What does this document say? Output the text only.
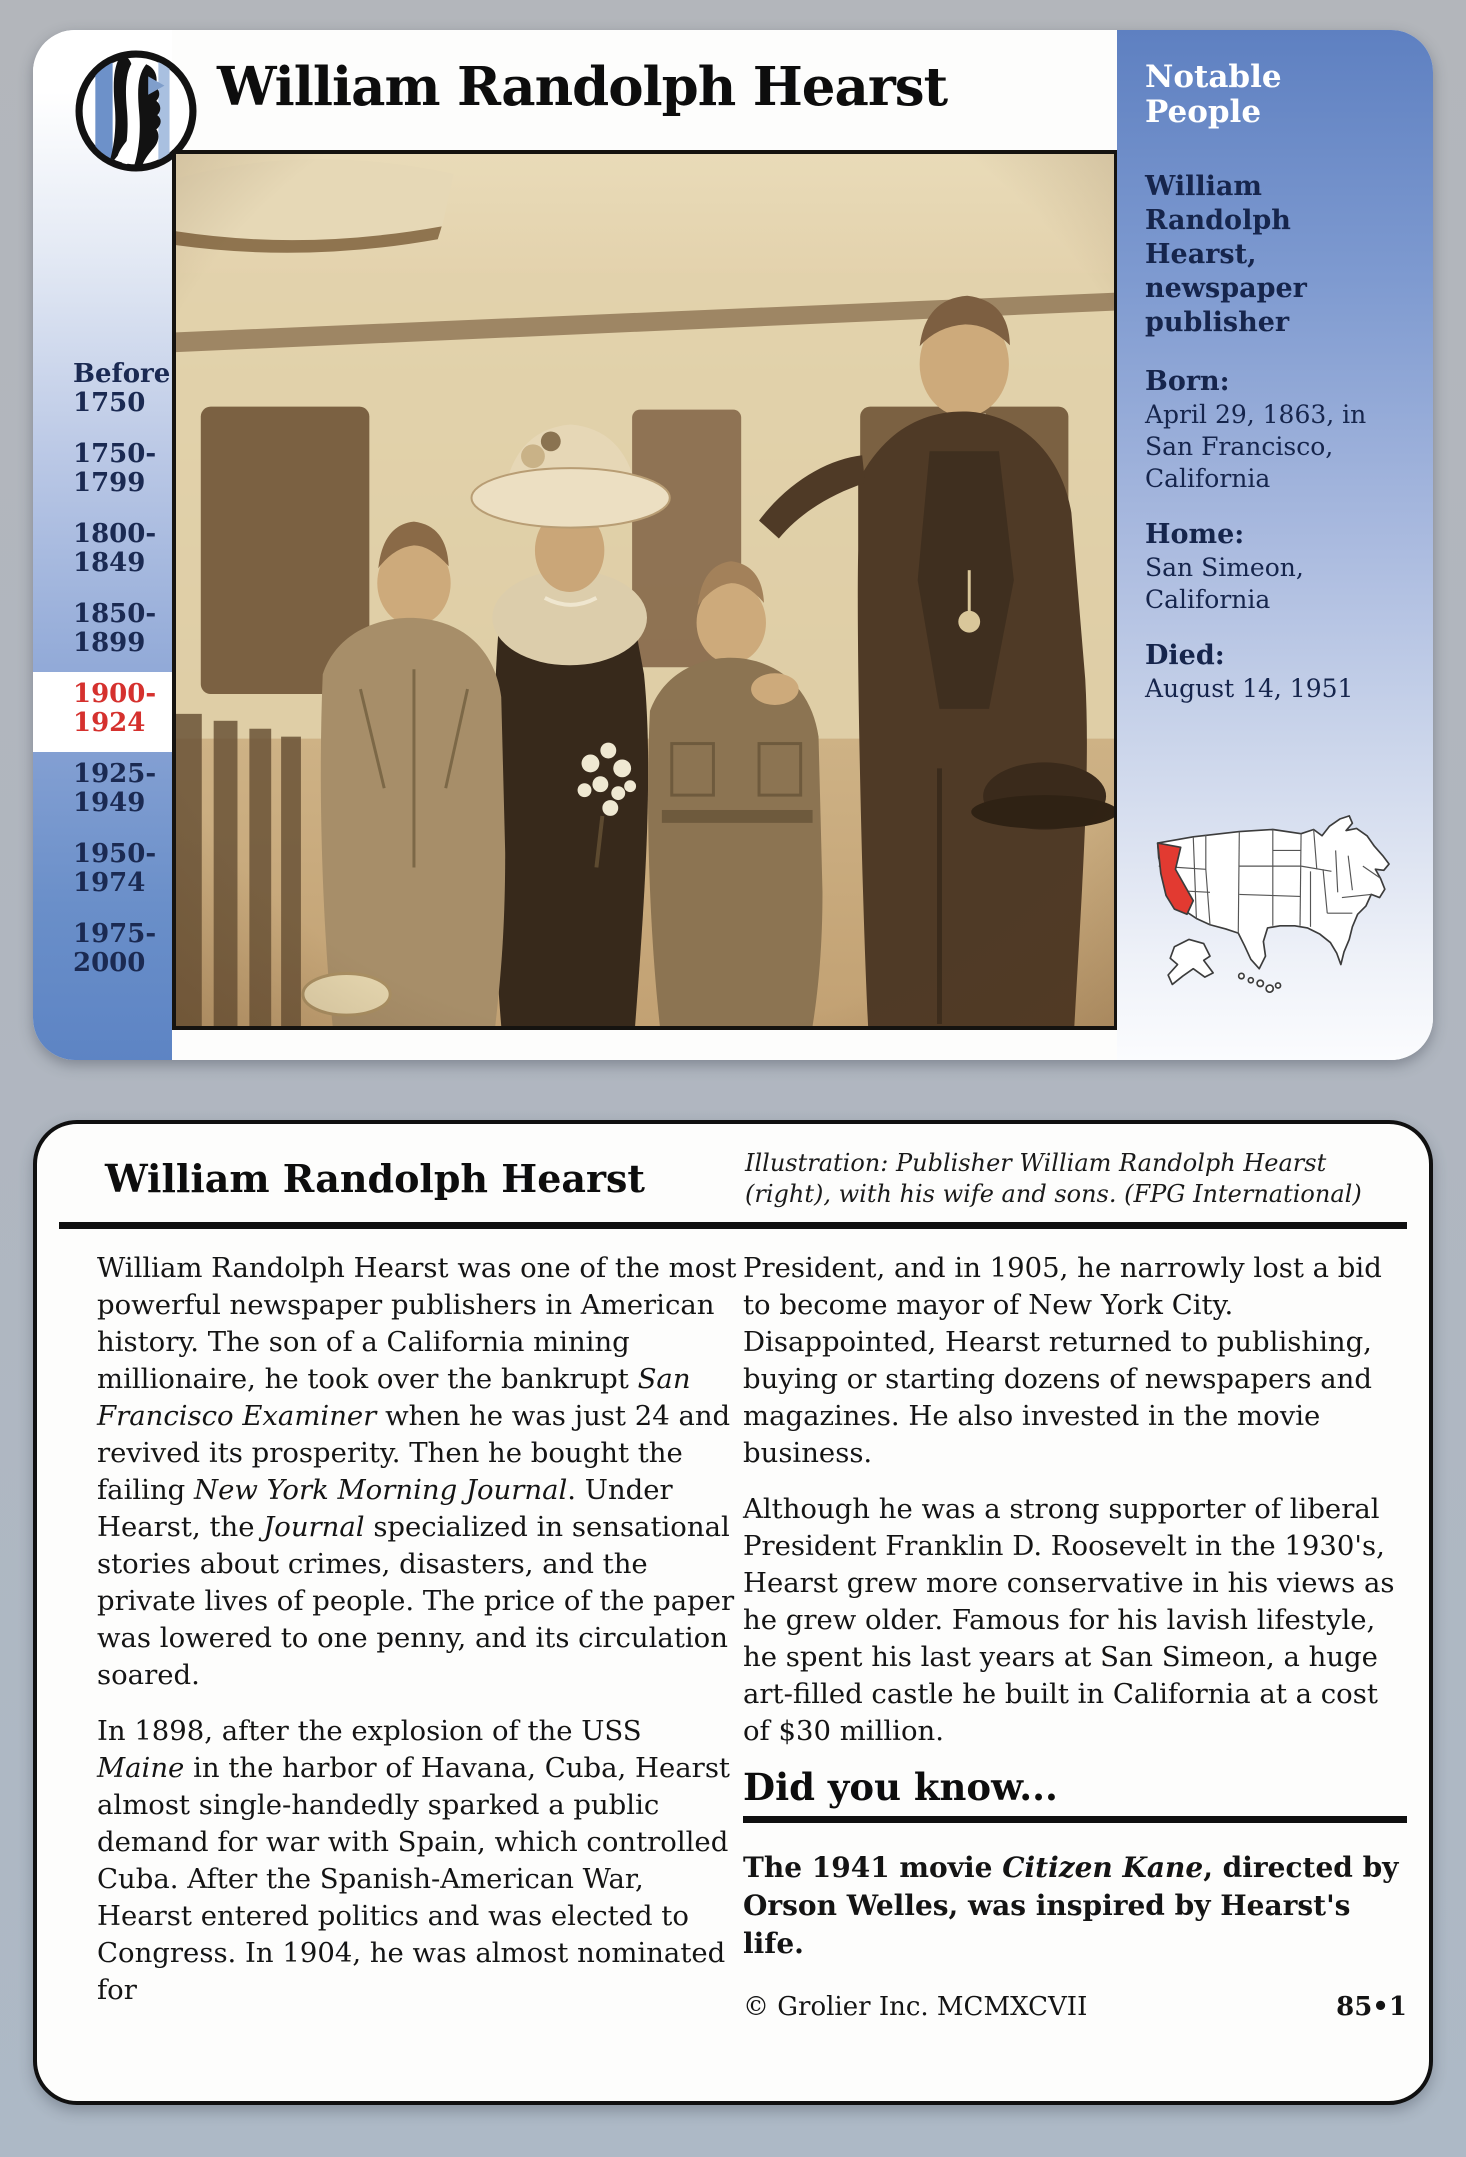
Before
1750
1750-
1799
1800-
1849
1850-
1899
1900-
1924
1925-
1949
1950-
1974
1975-
2000
William Randolph Hearst	Notable People

William Randolph Hearst, newspaper publisher

Born:
April 29, 1863, in San Francisco, California
Home:
San Simeon, California
Died:
August 14, 1951
William Randolph Hearst	Illustration: Publisher William Randolph Hearst (right), with his wife and sons. (FPG International)

William Randolph Hearst was one of the most powerful newspaper publishers in American history. The son of a California mining millionaire, he took over the bankrupt San Francisco Examiner when he was just 24 and revived its prosperity. Then he bought the failing New York Morning Journal. Under Hearst, the Journal specialized in sensational stories about crimes, disasters, and the private lives of people. The price of the paper was lowered to one penny, and its circulation soared.

In 1898, after the explosion of the USS Maine in the harbor of Havana, Cuba, Hearst almost single-handedly sparked a public demand for war with Spain, which controlled Cuba. After the Spanish-American War, Hearst entered politics and was elected to Congress. In 1904, he was almost nominated for

President, and in 1905, he narrowly lost a bid to become mayor of New York City. Disappointed, Hearst returned to publishing, buying or starting dozens of newspapers and magazines. He also invested in the movie business.

Although he was a strong supporter of liberal President Franklin D. Roosevelt in the 1930's, Hearst grew more conservative in his views as he grew older. Famous for his lavish lifestyle, he spent his last years at San Simeon, a huge art-filled castle he built in California at a cost of $30 million.

Did you know...

The 1941 movie Citizen Kane, directed by Orson Welles, was inspired by Hearst's life.

© Grolier Inc. MCMXCVII	85•1
